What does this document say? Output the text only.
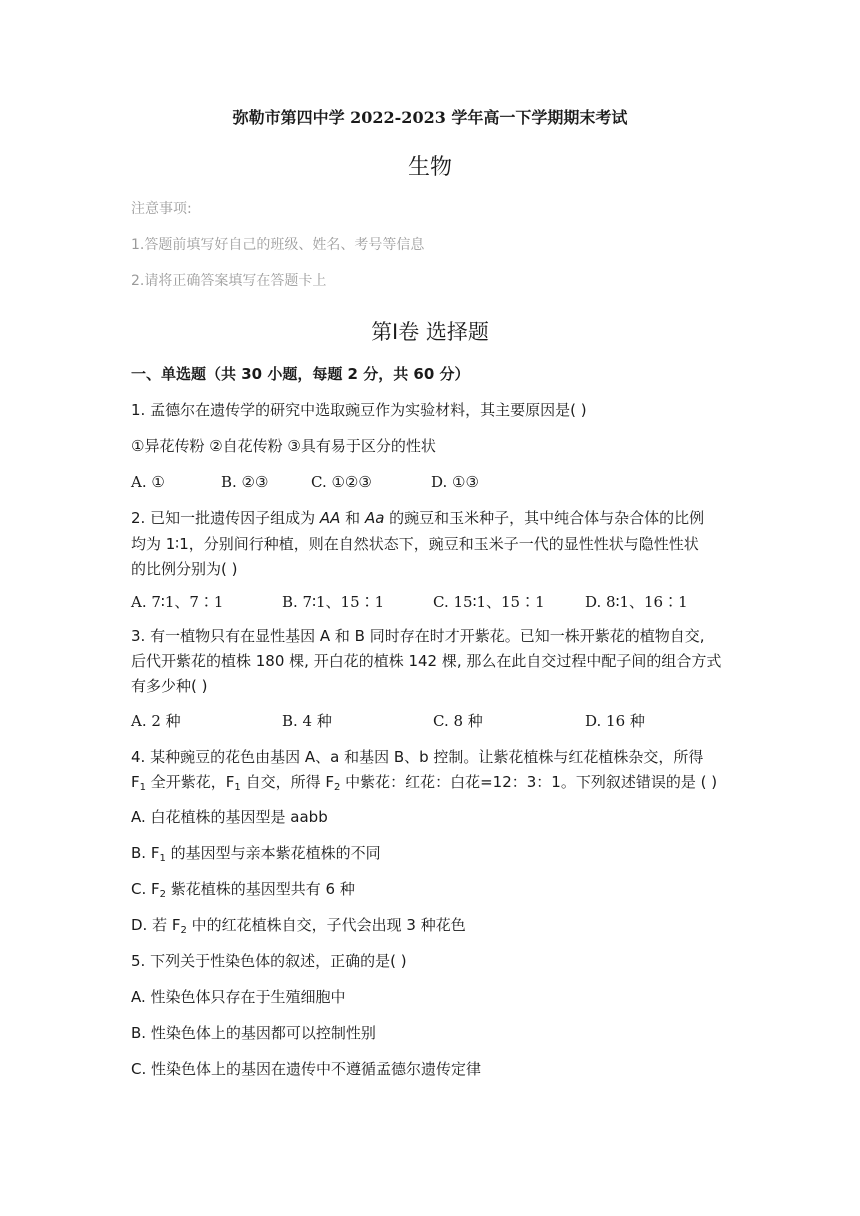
弥勒市第四中学 2022-2023 学年高一下学期期末考试
生物
注意事项:
1.答题前填写好自己的班级、姓名、考号等信息
2.请将正确答案填写在答题卡上
第Ⅰ卷 选择题
一、单选题（共 30 小题，每题 2 分，共 60 分）
1. 孟德尔在遗传学的研究中选取豌豆作为实验材料，其主要原因是( )
①异花传粉 ②自花传粉 ③具有易于区分的性状
A. ①	B. ②③	C. ①②③	D. ①③
2. 已知一批遗传因子组成为 AA 和 Aa 的豌豆和玉米种子，其中纯合体与杂合体的比例
均为 1∶1，分别间行种植，则在自然状态下，豌豆和玉米子一代的显性性状与隐性性状
的比例分别为( )
A. 7∶1、7∶1	B. 7∶1、15∶1	C. 15∶1、15∶1	D. 8∶1、16∶1
3. 有一植物只有在显性基因 A 和 B 同时存在时才开紫花。已知一株开紫花的植物自交,
后代开紫花的植株 180 棵, 开白花的植株 142 棵, 那么在此自交过程中配子间的组合方式
有多少种( )
A. 2 种	B. 4 种	C. 8 种	D. 16 种
4. 某种豌豆的花色由基因 A、a 和基因 B、b 控制。让紫花植株与红花植株杂交，所得
$F_1$ 全开紫花，$F_1$ 自交，所得 $F_2$ 中紫花：红花：白花=12：3：1。下列叙述错误的是 ( )
A. 白花植株的基因型是 aabb
B. $F_1$ 的基因型与亲本紫花植株的不同
C. $F_2$ 紫花植株的基因型共有 6 种
D. 若 $F_2$ 中的红花植株自交，子代会出现 3 种花色
5. 下列关于性染色体的叙述，正确的是( )
A. 性染色体只存在于生殖细胞中
B. 性染色体上的基因都可以控制性别
C. 性染色体上的基因在遗传中不遵循孟德尔遗传定律
